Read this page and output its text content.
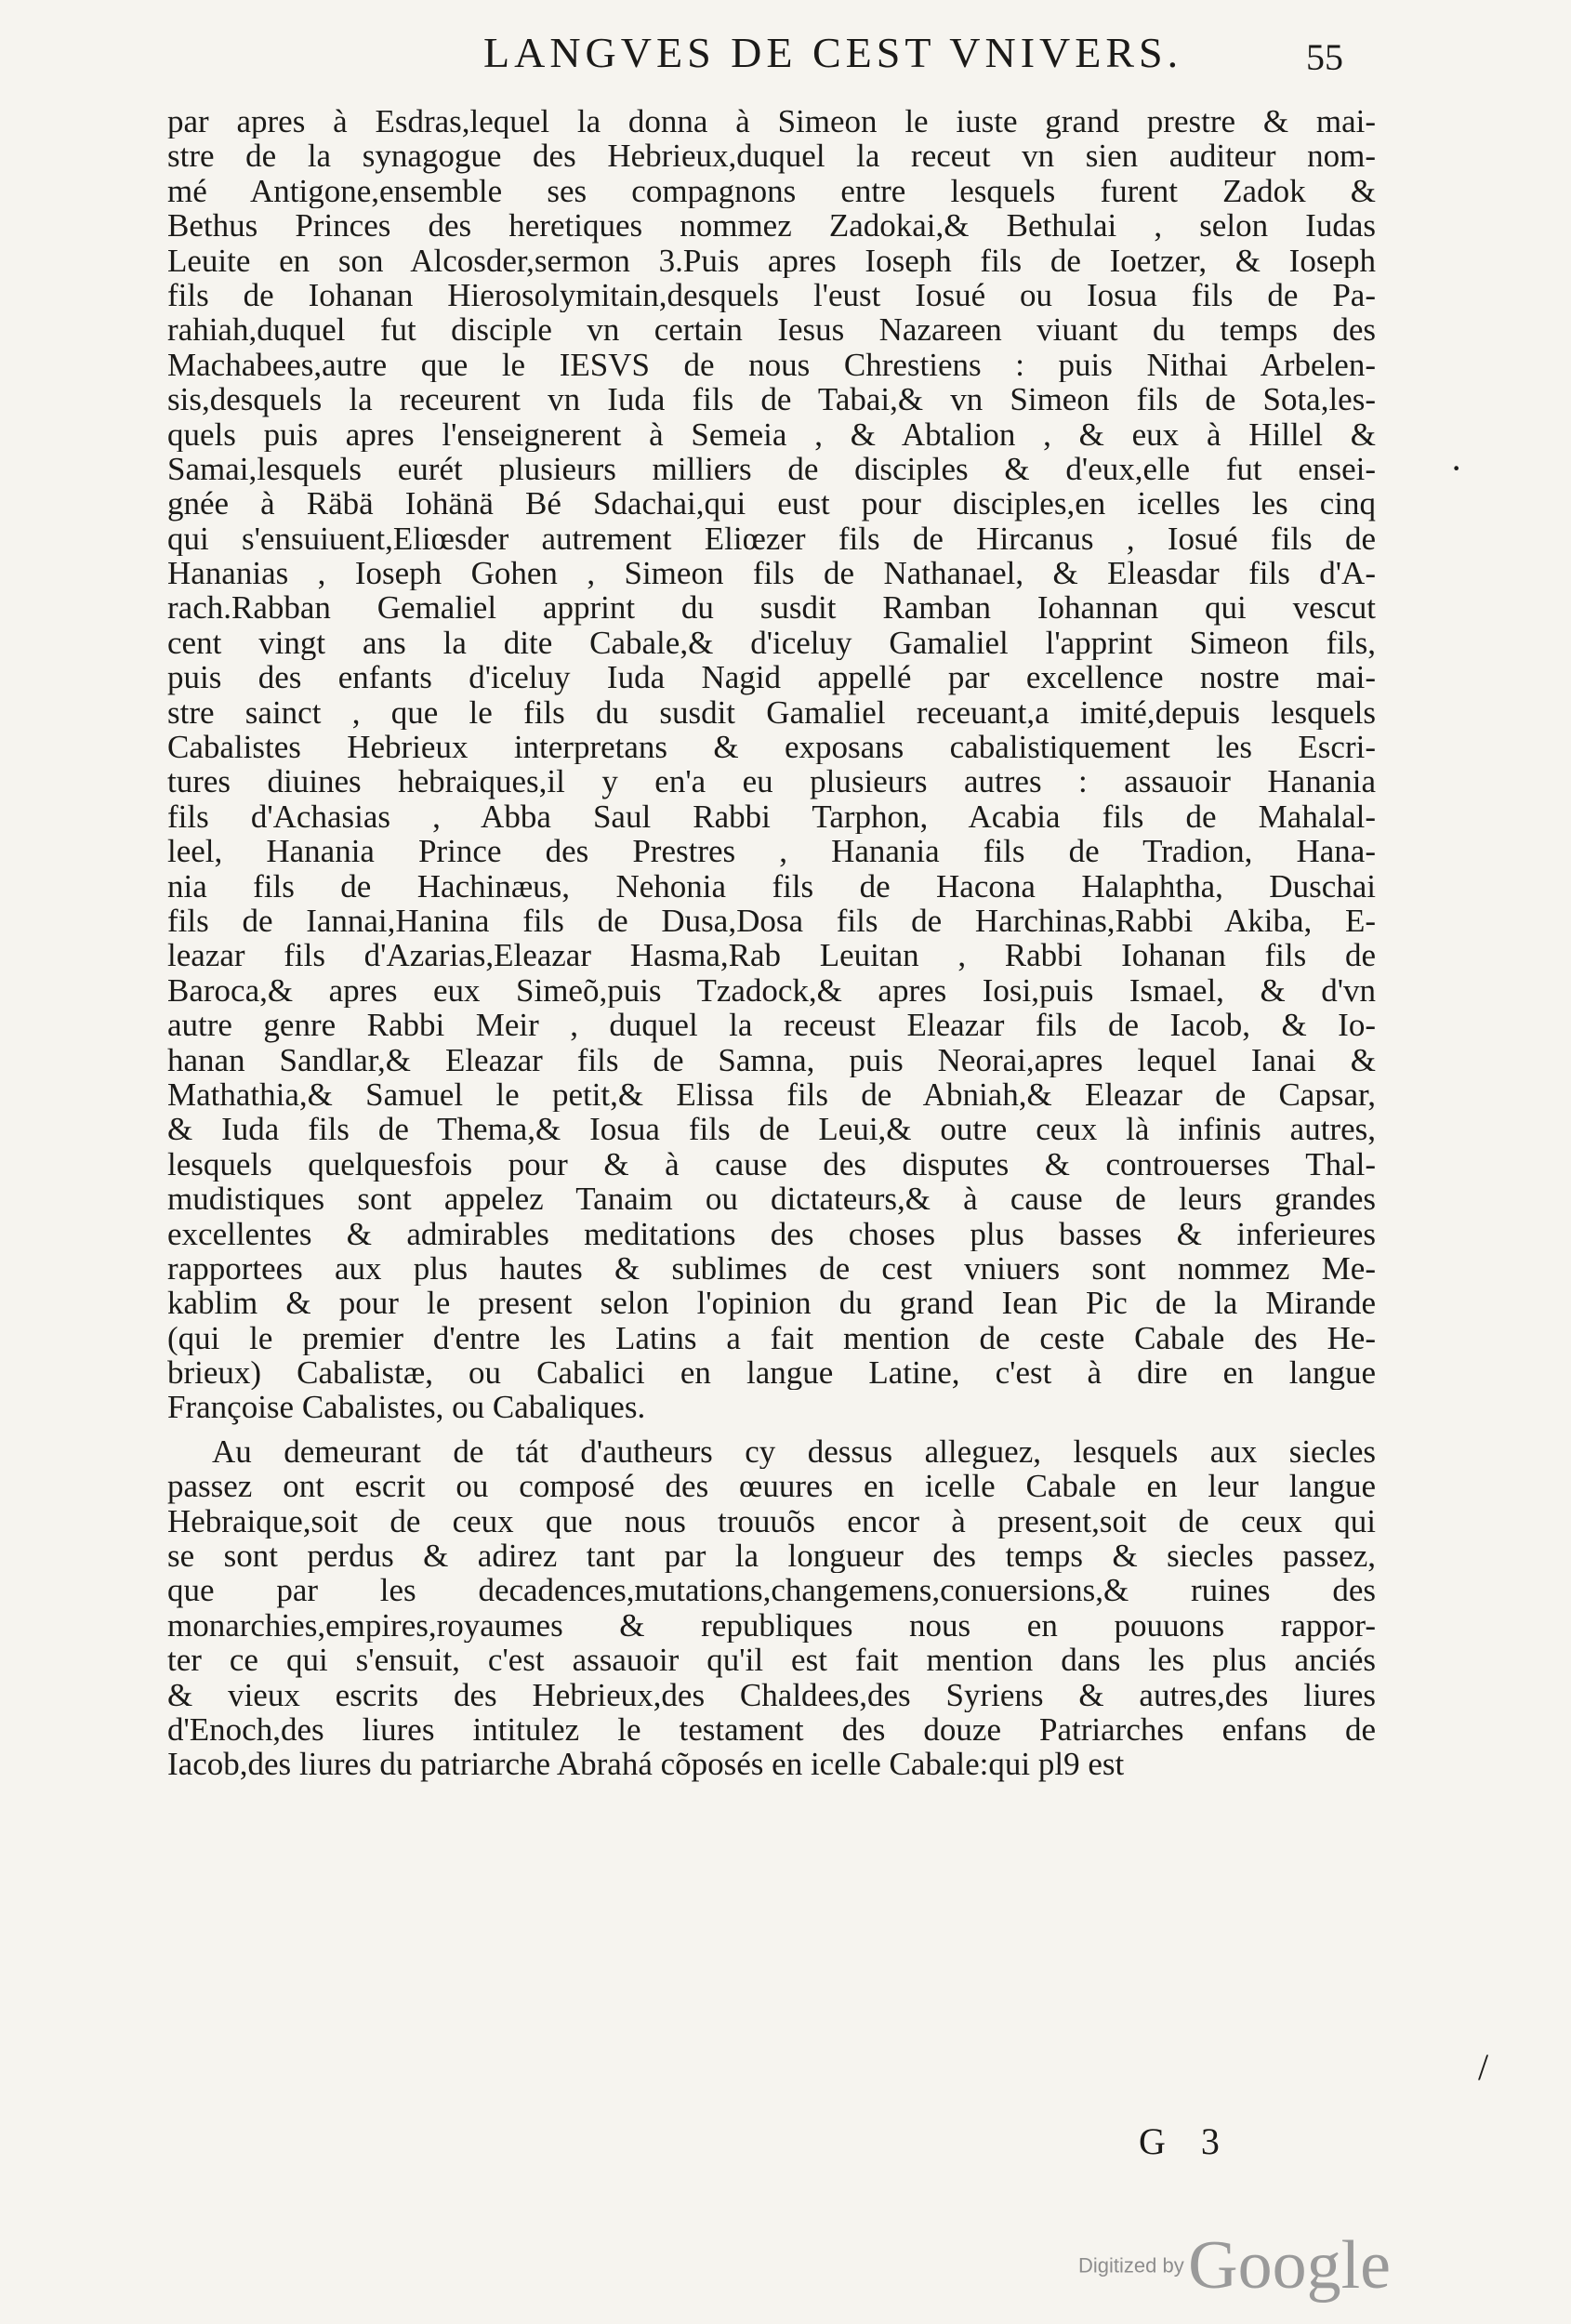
LANGVES DE CEST VNIVERS.	55
par apres à Esdras,lequel la donna à Simeon le iuste grand prestre & mai-
stre de la synagogue des Hebrieux,duquel la receut vn sien auditeur nom-
mé Antigone,ensemble ses compagnons entre lesquels furent Zadok &
Bethus Princes des heretiques nommez Zadokai,& Bethulai , selon Iudas
Leuite en son Alcosder,sermon 3.Puis apres Ioseph fils de Ioetzer, & Ioseph
fils de Iohanan Hierosolymitain,desquels l'eust Iosué ou Iosua fils de Pa-
rahiah,duquel fut disciple vn certain Iesus Nazareen viuant du temps des
Machabees,autre que le IESVS de nous Chrestiens : puis Nithai Arbelen-
sis,desquels la receurent vn Iuda fils de Tabai,& vn Simeon fils de Sota,les-
quels puis apres l'enseignerent à Semeia , & Abtalion , & eux à Hillel &
Samai,lesquels eurét plusieurs milliers de disciples & d'eux,elle fut ensei-
gnée à Räbä Iohänä Bé Sdachai,qui eust pour disciples,en icelles les cinq
qui s'ensuiuent,Eliœsder autrement Eliœzer fils de Hircanus , Iosué fils de
Hananias , Ioseph Gohen , Simeon fils de Nathanael, & Eleasdar fils d'A-
rach.Rabban Gemaliel apprint du susdit Ramban Iohannan qui vescut
cent vingt ans la dite Cabale,& d'iceluy Gamaliel l'apprint Simeon fils,
puis des enfants d'iceluy Iuda Nagid appellé par excellence nostre mai-
stre sainct , que le fils du susdit Gamaliel receuant,a imité,depuis lesquels
Cabalistes Hebrieux interpretans & exposans cabalistiquement les Escri-
tures diuines hebraiques,il y en'a eu plusieurs autres : assauoir Hanania
fils d'Achasias , Abba Saul Rabbi Tarphon, Acabia fils de Mahalal-
leel, Hanania Prince des Prestres , Hanania fils de Tradion, Hana-
nia fils de Hachinæus, Nehonia fils de Hacona Halaphtha, Duschai
fils de Iannai,Hanina fils de Dusa,Dosa fils de Harchinas,Rabbi Akiba, E-
leazar fils d'Azarias,Eleazar Hasma,Rab Leuitan , Rabbi Iohanan fils de
Baroca,& apres eux Simeõ,puis Tzadock,& apres Iosi,puis Ismael, & d'vn
autre genre Rabbi Meir , duquel la receust Eleazar fils de Iacob, & Io-
hanan Sandlar,& Eleazar fils de Samna, puis Neorai,apres lequel Ianai &
Mathathia,& Samuel le petit,& Elissa fils de Abniah,& Eleazar de Capsar,
& Iuda fils de Thema,& Iosua fils de Leui,& outre ceux là infinis autres,
lesquels quelquesfois pour & à cause des disputes & controuerses Thal-
mudistiques sont appelez Tanaim ou dictateurs,& à cause de leurs grandes
excellentes & admirables meditations des choses plus basses & inferieures
rapportees aux plus hautes & sublimes de cest vniuers sont nommez Me-
kablim & pour le present selon l'opinion du grand Iean Pic de la Mirande
(qui le premier d'entre les Latins a fait mention de ceste Cabale des He-
brieux) Cabalistæ, ou Cabalici en langue Latine, c'est à dire en langue
Françoise Cabalistes, ou Cabaliques.
Au demeurant de tát d'autheurs cy dessus alleguez, lesquels aux siecles
passez ont escrit ou composé des œuures en icelle Cabale en leur langue
Hebraique,soit de ceux que nous trouuõs encor à present,soit de ceux qui
se sont perdus & adirez tant par la longueur des temps & siecles passez,
que par les decadences,mutations,changemens,conuersions,& ruines des
monarchies,empires,royaumes & republiques nous en pouuons rappor-
ter ce qui s'ensuit, c'est assauoir qu'il est fait mention dans les plus anciés
& vieux escrits des Hebrieux,des Chaldees,des Syriens & autres,des liures
d'Enoch,des liures intitulez le testament des douze Patriarches enfans de
Iacob,des liures du patriarche Abrahá cõposés en icelle Cabale:qui pl9 est
·
/
G 3
Digitized by Google
